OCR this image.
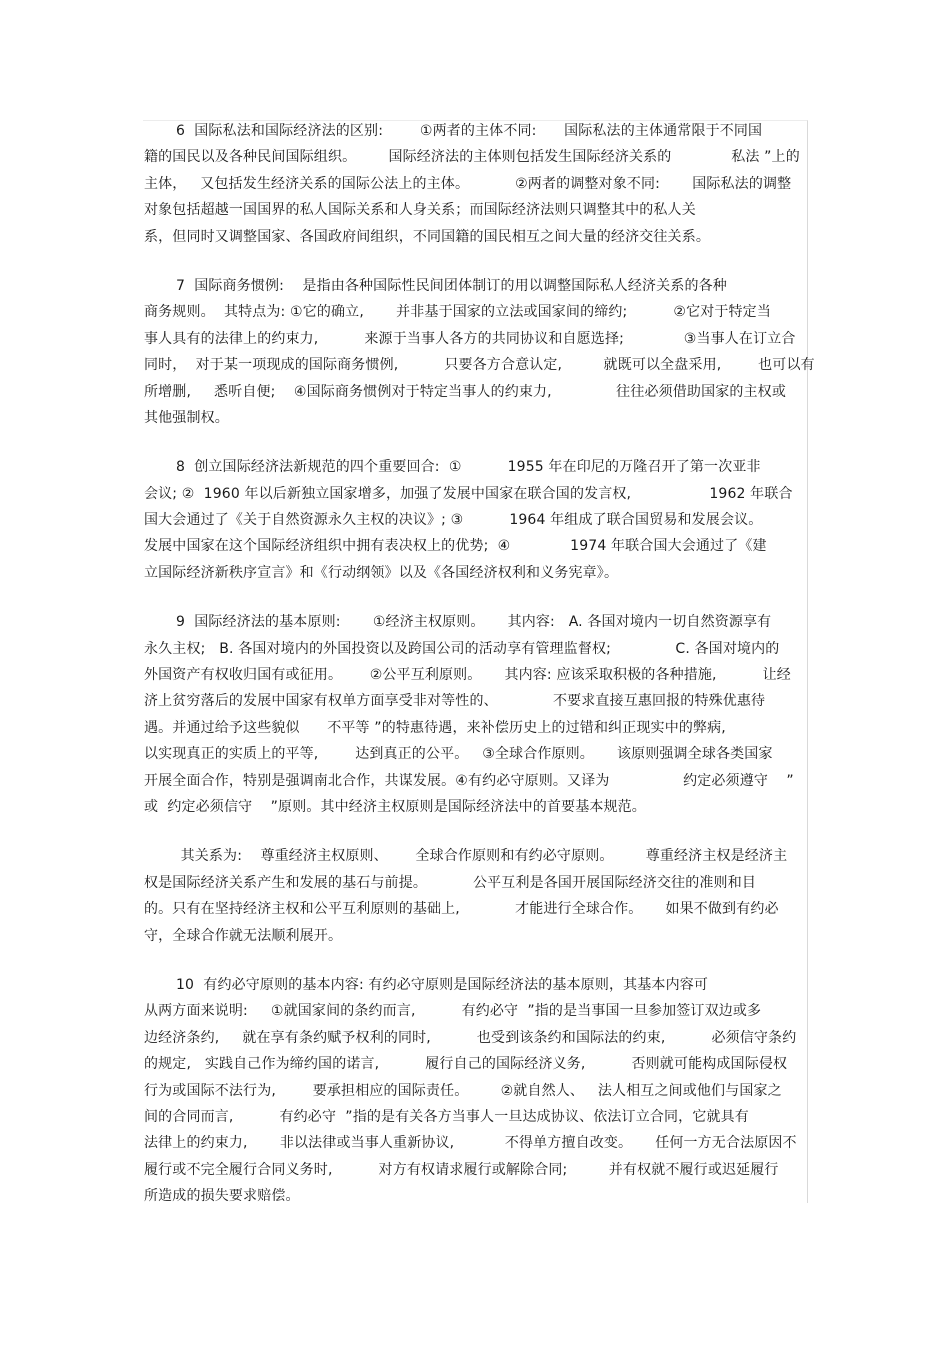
6  国际私法和国际经济法的区别:        ①两者的主体不同:      国际私法的主体通常限于不同国
籍的国民以及各种民间国际组织。       国际经济法的主体则包括发生国际经济关系的             私法 ”上的
主体，   又包括发生经济关系的国际公法上的主体。          ②两者的调整对象不同:       国际私法的调整
对象包括超越一国国界的私人国际关系和人身关系；而国际经济法则只调整其中的私人关
系，但同时又调整国家、各国政府间组织，不同国籍的国民相互之间大量的经济交往关系。
7  国际商务惯例:    是指由各种国际性民间团体制订的用以调整国际私人经济关系的各种
商务规则。  其特点为: ①它的确立,       并非基于国家的立法或国家间的缔约;          ②它对于特定当
事人具有的法律上的约束力,          来源于当事人各方的共同协议和自愿选择;             ③当事人在订立合
同时，  对于某一项现成的国际商务惯例,          只要各方合意认定,         就既可以全盘采用,        也可以有
所增删,     悉听自便;    ④国际商务惯例对于特定当事人的约束力,              往往必须借助国家的主权或
其他强制权。
8  创立国际经济法新规范的四个重要回合:  ①          1955 年在印尼的万隆召开了第一次亚非
会议; ②  1960 年以后新独立国家增多，加强了发展中国家在联合国的发言权,                 1962 年联合
国大会通过了《关于自然资源永久主权的决议》; ③          1964 年组成了联合国贸易和发展会议。
发展中国家在这个国际经济组织中拥有表决权上的优势;  ④             1974 年联合国大会通过了《建
立国际经济新秩序宣言》和《行动纲领》以及《各国经济权利和义务宪章》。
9  国际经济法的基本原则:       ①经济主权原则。     其内容:   A. 各国对境内一切自然资源享有
永久主权;   B. 各国对境内的外国投资以及跨国公司的活动享有管理监督权;              C. 各国对境内的
外国资产有权收归国有或征用。      ②公平互利原则。     其内容: 应该采取积极的各种措施,          让经
济上贫穷落后的发展中国家有权单方面享受非对等性的、            不要求直接互惠回报的特殊优惠待
遇。并通过给予这些貌似      不平等 ”的特惠待遇，来补偿历史上的过错和纠正现实中的弊病,
以实现真正的实质上的平等,        达到真正的公平。   ③全球合作原则。     该原则强调全球各类国家
开展全面合作，特别是强调南北合作，共谋发展。④有约必守原则。又译为                约定必须遵守    ”
或  约定必须信守    ”原则。其中经济主权原则是国际经济法中的首要基本规范。
其关系为:    尊重经济主权原则、      全球合作原则和有约必守原则。       尊重经济主权是经济主
权是国际经济关系产生和发展的基石与前提。          公平互利是各国开展国际经济交往的准则和目
的。只有在坚持经济主权和公平互利原则的基础上,            才能进行全球合作。     如果不做到有约必
守，全球合作就无法顺利展开。
10  有约必守原则的基本内容: 有约必守原则是国际经济法的基本原则，其基本内容可
从两方面来说明:     ①就国家间的条约而言,          有约必守  ”指的是当事国一旦参加签订双边或多
边经济条约,     就在享有条约赋予权利的同时,          也受到该条约和国际法的约束,          必须信守条约
的规定,   实践自己作为缔约国的诺言,          履行自己的国际经济义务,          否则就可能构成国际侵权
行为或国际不法行为,        要承担相应的国际责任。       ②就自然人、   法人相互之间或他们与国家之
间的合同而言,          有约必守  ”指的是有关各方当事人一旦达成协议、依法订立合同，它就具有
法律上的约束力,       非以法律或当事人重新协议,           不得单方擅自改变。     任何一方无合法原因不
履行或不完全履行合同义务时,          对方有权请求履行或解除合同;         并有权就不履行或迟延履行
所造成的损失要求赔偿。
